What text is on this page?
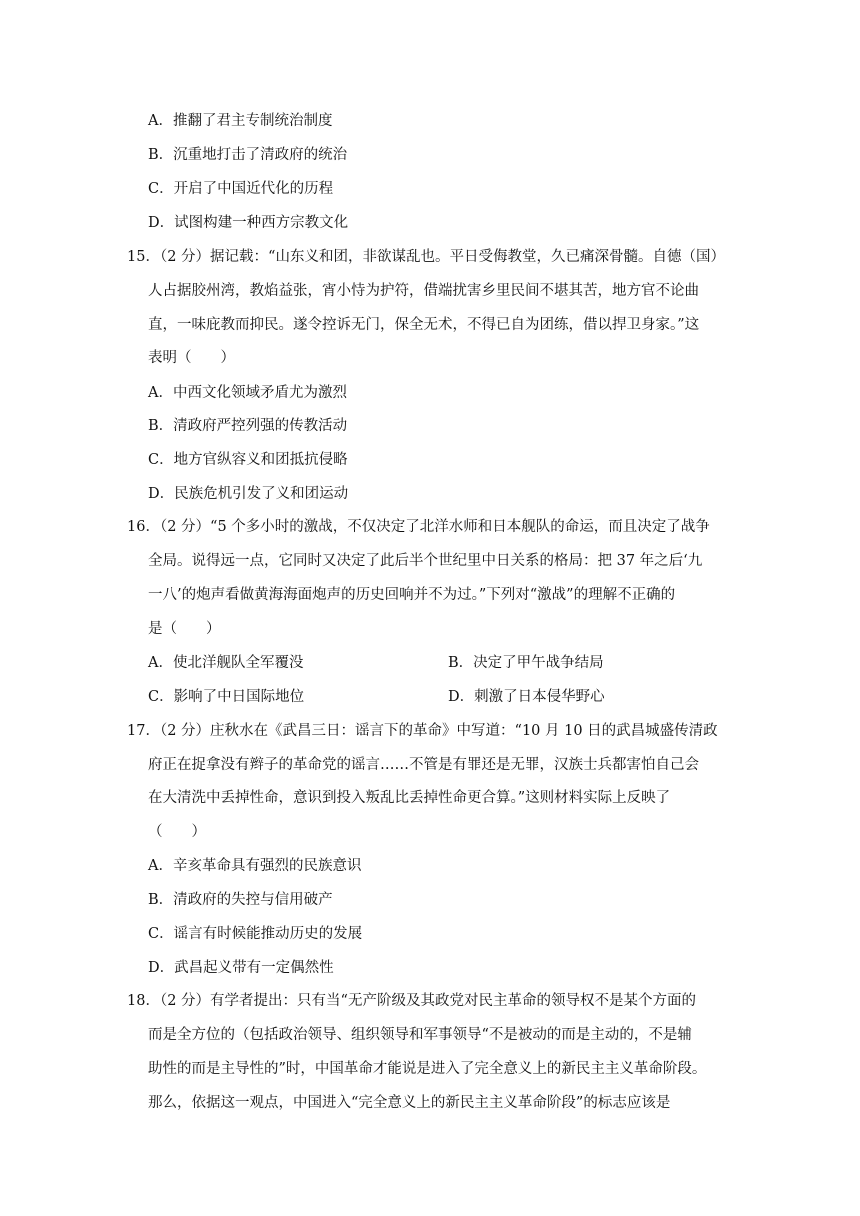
A．推翻了君主专制统治制度
B．沉重地打击了清政府的统治
C．开启了中国近代化的历程
D．试图构建一种西方宗教文化
15．（2 分）据记载：“山东义和团，非欲谋乱也。平日受侮教堂，久已痛深骨髓。自德（国）
人占据胶州湾，教焰益张，宵小恃为护符，借端扰害乡里民间不堪其苦，地方官不论曲
直，一味庇教而抑民。遂令控诉无门，保全无术，不得已自为团练，借以捍卫身家。”这
表明（　　）
A．中西文化领域矛盾尤为激烈
B．清政府严控列强的传教活动
C．地方官纵容义和团抵抗侵略
D．民族危机引发了义和团运动
16．（2 分）“5 个多小时的激战，不仅决定了北洋水师和日本舰队的命运，而且决定了战争
全局。说得远一点，它同时又决定了此后半个世纪里中日关系的格局：把 37 年之后‘九
一八’的炮声看做黄海海面炮声的历史回响并不为过。”下列对“激战”的理解不正确的
是（　　）
A．使北洋舰队全军覆没	B．决定了甲午战争结局
C．影响了中日国际地位	D．刺激了日本侵华野心
17．（2 分）庄秋水在《武昌三日：谣言下的革命》中写道：“10 月 10 日的武昌城盛传清政
府正在捉拿没有辫子的革命党的谣言……不管是有罪还是无罪，汉族士兵都害怕自己会
在大清洗中丢掉性命，意识到投入叛乱比丢掉性命更合算。”这则材料实际上反映了
（　　）
A．辛亥革命具有强烈的民族意识
B．清政府的失控与信用破产
C．谣言有时候能推动历史的发展
D．武昌起义带有一定偶然性
18．（2 分）有学者提出：只有当“无产阶级及其政党对民主革命的领导权不是某个方面的
而是全方位的（包括政治领导、组织领导和军事领导“不是被动的而是主动的，不是辅
助性的而是主导性的”时，中国革命才能说是进入了完全意义上的新民主主义革命阶段。
那么，依据这一观点，中国进入“完全意义上的新民主主义革命阶段”的标志应该是
